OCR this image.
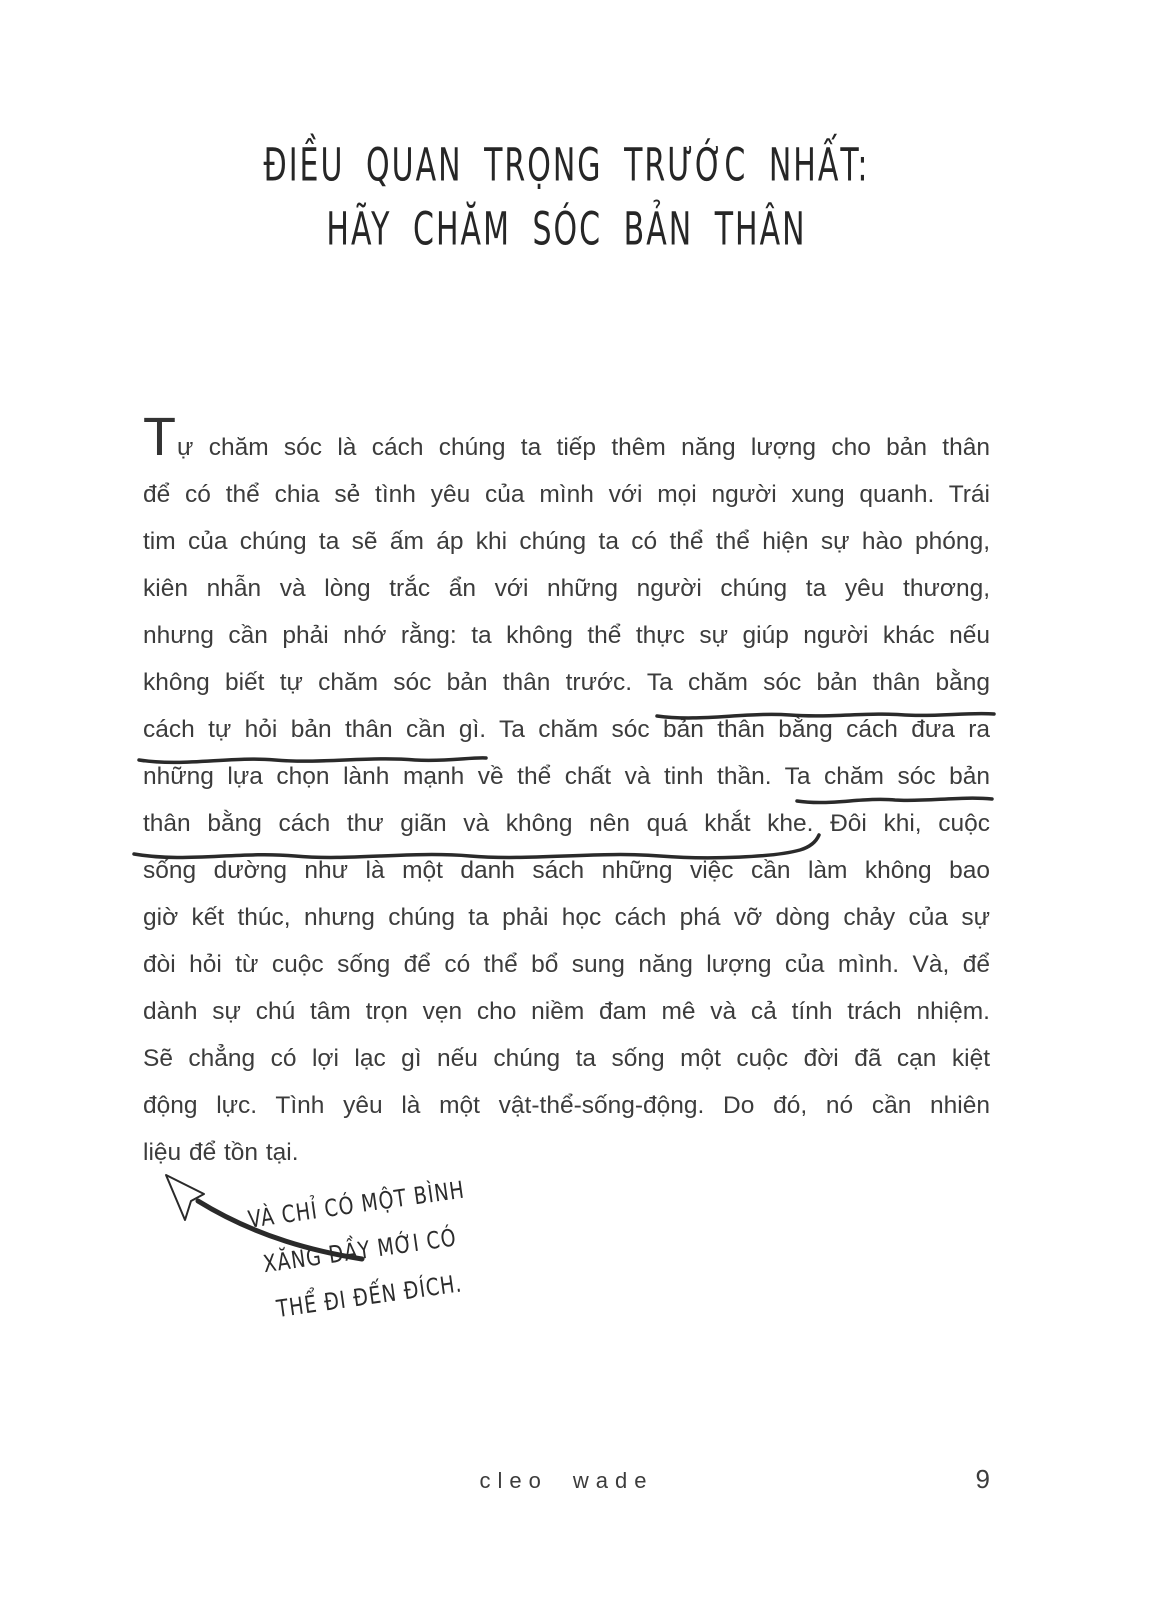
ĐIỀU QUAN TRỌNG TRƯỚC NHẤT:
HÃY CHĂM SÓC BẢN THÂN
Tự chăm sóc là cách chúng ta tiếp thêm năng lượng cho bản thân
để có thể chia sẻ tình yêu của mình với mọi người xung quanh. Trái
tim của chúng ta sẽ ấm áp khi chúng ta có thể thể hiện sự hào phóng,
kiên nhẫn và lòng trắc ẩn với những người chúng ta yêu thương,
nhưng cần phải nhớ rằng: ta không thể thực sự giúp người khác nếu
không biết tự chăm sóc bản thân trước. Ta chăm sóc bản thân bằng
cách tự hỏi bản thân cần gì. Ta chăm sóc bản thân bằng cách đưa ra
những lựa chọn lành mạnh về thể chất và tinh thần. Ta chăm sóc bản
thân bằng cách thư giãn và không nên quá khắt khe. Đôi khi, cuộc
sống dường như là một danh sách những việc cần làm không bao
giờ kết thúc, nhưng chúng ta phải học cách phá vỡ dòng chảy của sự
đòi hỏi từ cuộc sống để có thể bổ sung năng lượng của mình. Và, để
dành sự chú tâm trọn vẹn cho niềm đam mê và cả tính trách nhiệm.
Sẽ chẳng có lợi lạc gì nếu chúng ta sống một cuộc đời đã cạn kiệt
động lực. Tình yêu là một vật-thể-sống-động. Do đó, nó cần nhiên
liệu để tồn tại.
VÀ CHỈ CÓ MỘT BÌNH
XĂNG ĐẦY MỚI CÓ
THỂ ĐI ĐẾN ĐÍCH.
cleo wade	9
